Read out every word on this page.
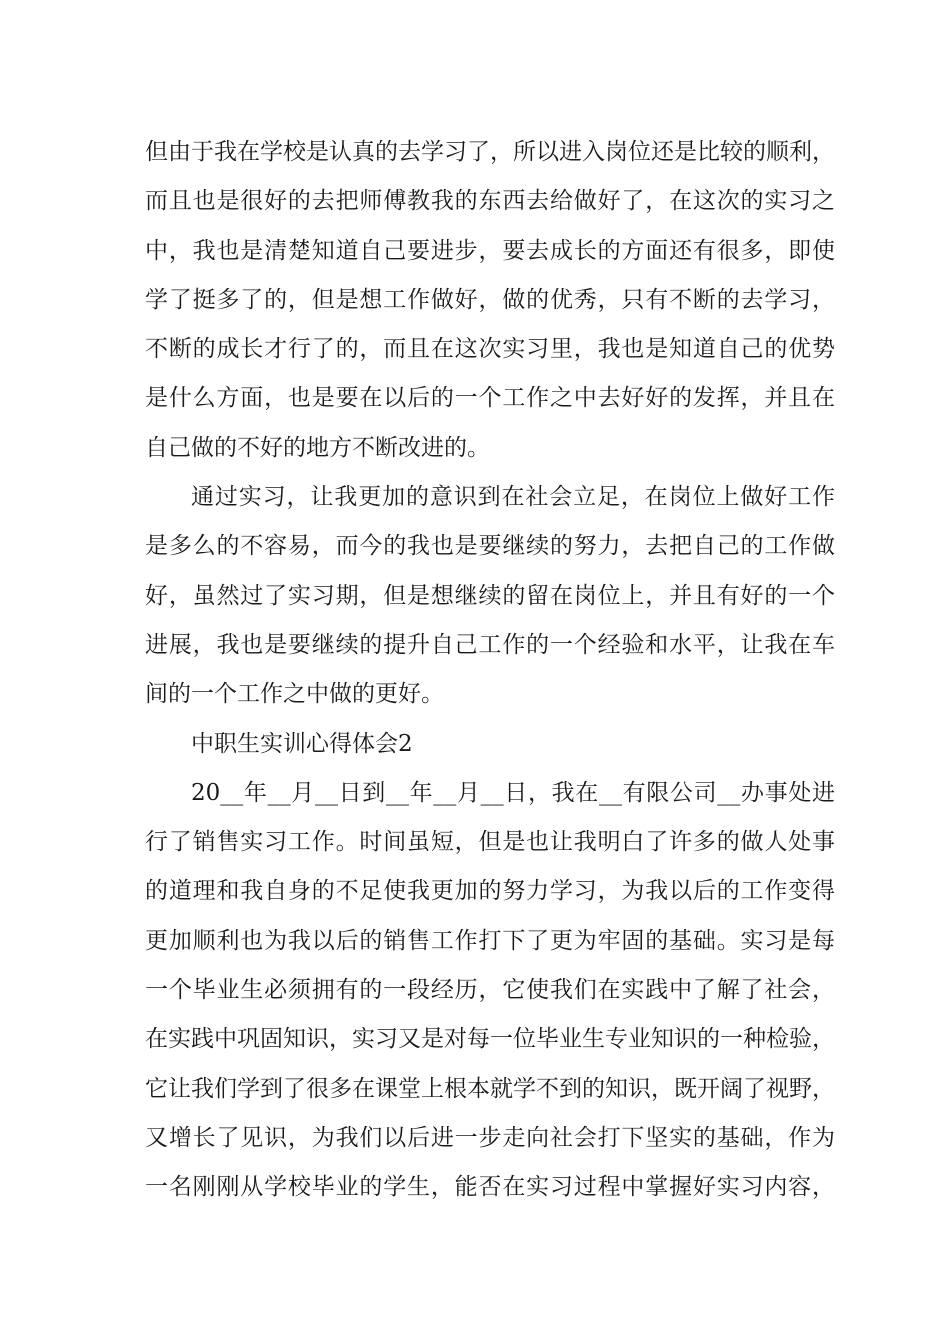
但由于我在学校是认真的去学习了，所以进入岗位还是比较的顺利，
而且也是很好的去把师傅教我的东西去给做好了，在这次的实习之
中，我也是清楚知道自己要进步，要去成长的方面还有很多，即使
学了挺多了的，但是想工作做好，做的优秀，只有不断的去学习，
不断的成长才行了的，而且在这次实习里，我也是知道自己的优势
是什么方面，也是要在以后的一个工作之中去好好的发挥，并且在
自己做的不好的地方不断改进的。
通过实习，让我更加的意识到在社会立足，在岗位上做好工作
是多么的不容易，而今的我也是要继续的努力，去把自己的工作做
好，虽然过了实习期，但是想继续的留在岗位上，并且有好的一个
进展，我也是要继续的提升自己工作的一个经验和水平，让我在车
间的一个工作之中做的更好。
中职生实训心得体会2
20__年__月__日到__年__月__日，我在__有限公司__办事处进
行了销售实习工作。时间虽短，但是也让我明白了许多的做人处事
的道理和我自身的不足使我更加的努力学习，为我以后的工作变得
更加顺利也为我以后的销售工作打下了更为牢固的基础。实习是每
一个毕业生必须拥有的一段经历，它使我们在实践中了解了社会，
在实践中巩固知识，实习又是对每一位毕业生专业知识的一种检验，
它让我们学到了很多在课堂上根本就学不到的知识，既开阔了视野，
又增长了见识，为我们以后进一步走向社会打下坚实的基础，作为
一名刚刚从学校毕业的学生，能否在实习过程中掌握好实习内容，
